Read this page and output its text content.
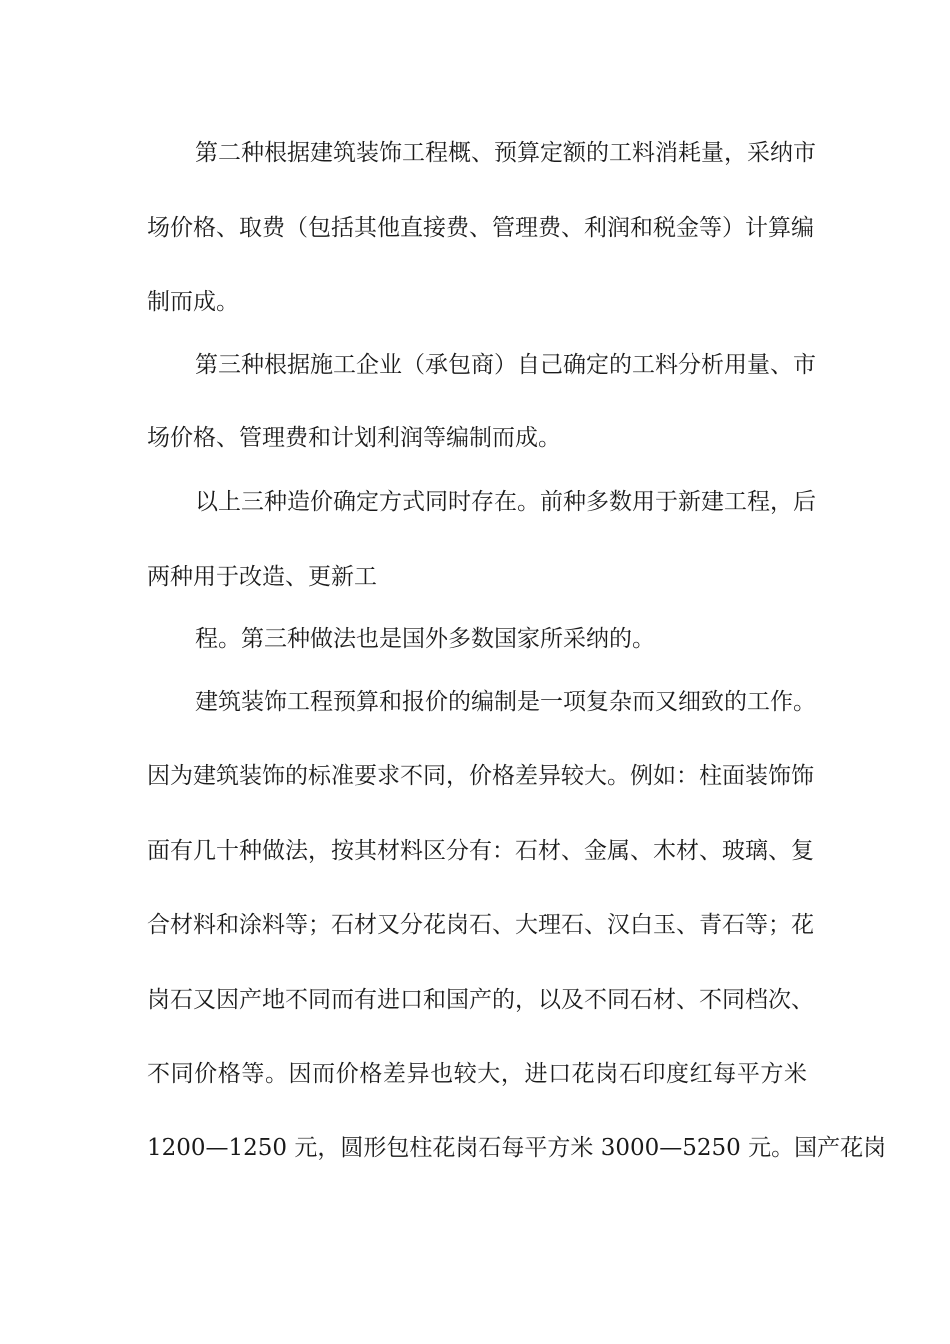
第二种根据建筑装饰工程概、预算定额的工料消耗量，采纳市
场价格、取费（包括其他直接费、管理费、利润和税金等）计算编
制而成。
第三种根据施工企业（承包商）自己确定的工料分析用量、市
场价格、管理费和计划利润等编制而成。
以上三种造价确定方式同时存在。前种多数用于新建工程，后
两种用于改造、更新工
程。第三种做法也是国外多数国家所采纳的。
建筑装饰工程预算和报价的编制是一项复杂而又细致的工作。
因为建筑装饰的标准要求不同，价格差异较大。例如：柱面装饰饰
面有几十种做法，按其材料区分有：石材、金属、木材、玻璃、复
合材料和涂料等；石材又分花岗石、大理石、汉白玉、青石等；花
岗石又因产地不同而有进口和国产的，以及不同石材、不同档次、
不同价格等。因而价格差异也较大，进口花岗石印度红每平方米
1200—1250 元，圆形包柱花岗石每平方米 3000—5250 元。国产花岗
